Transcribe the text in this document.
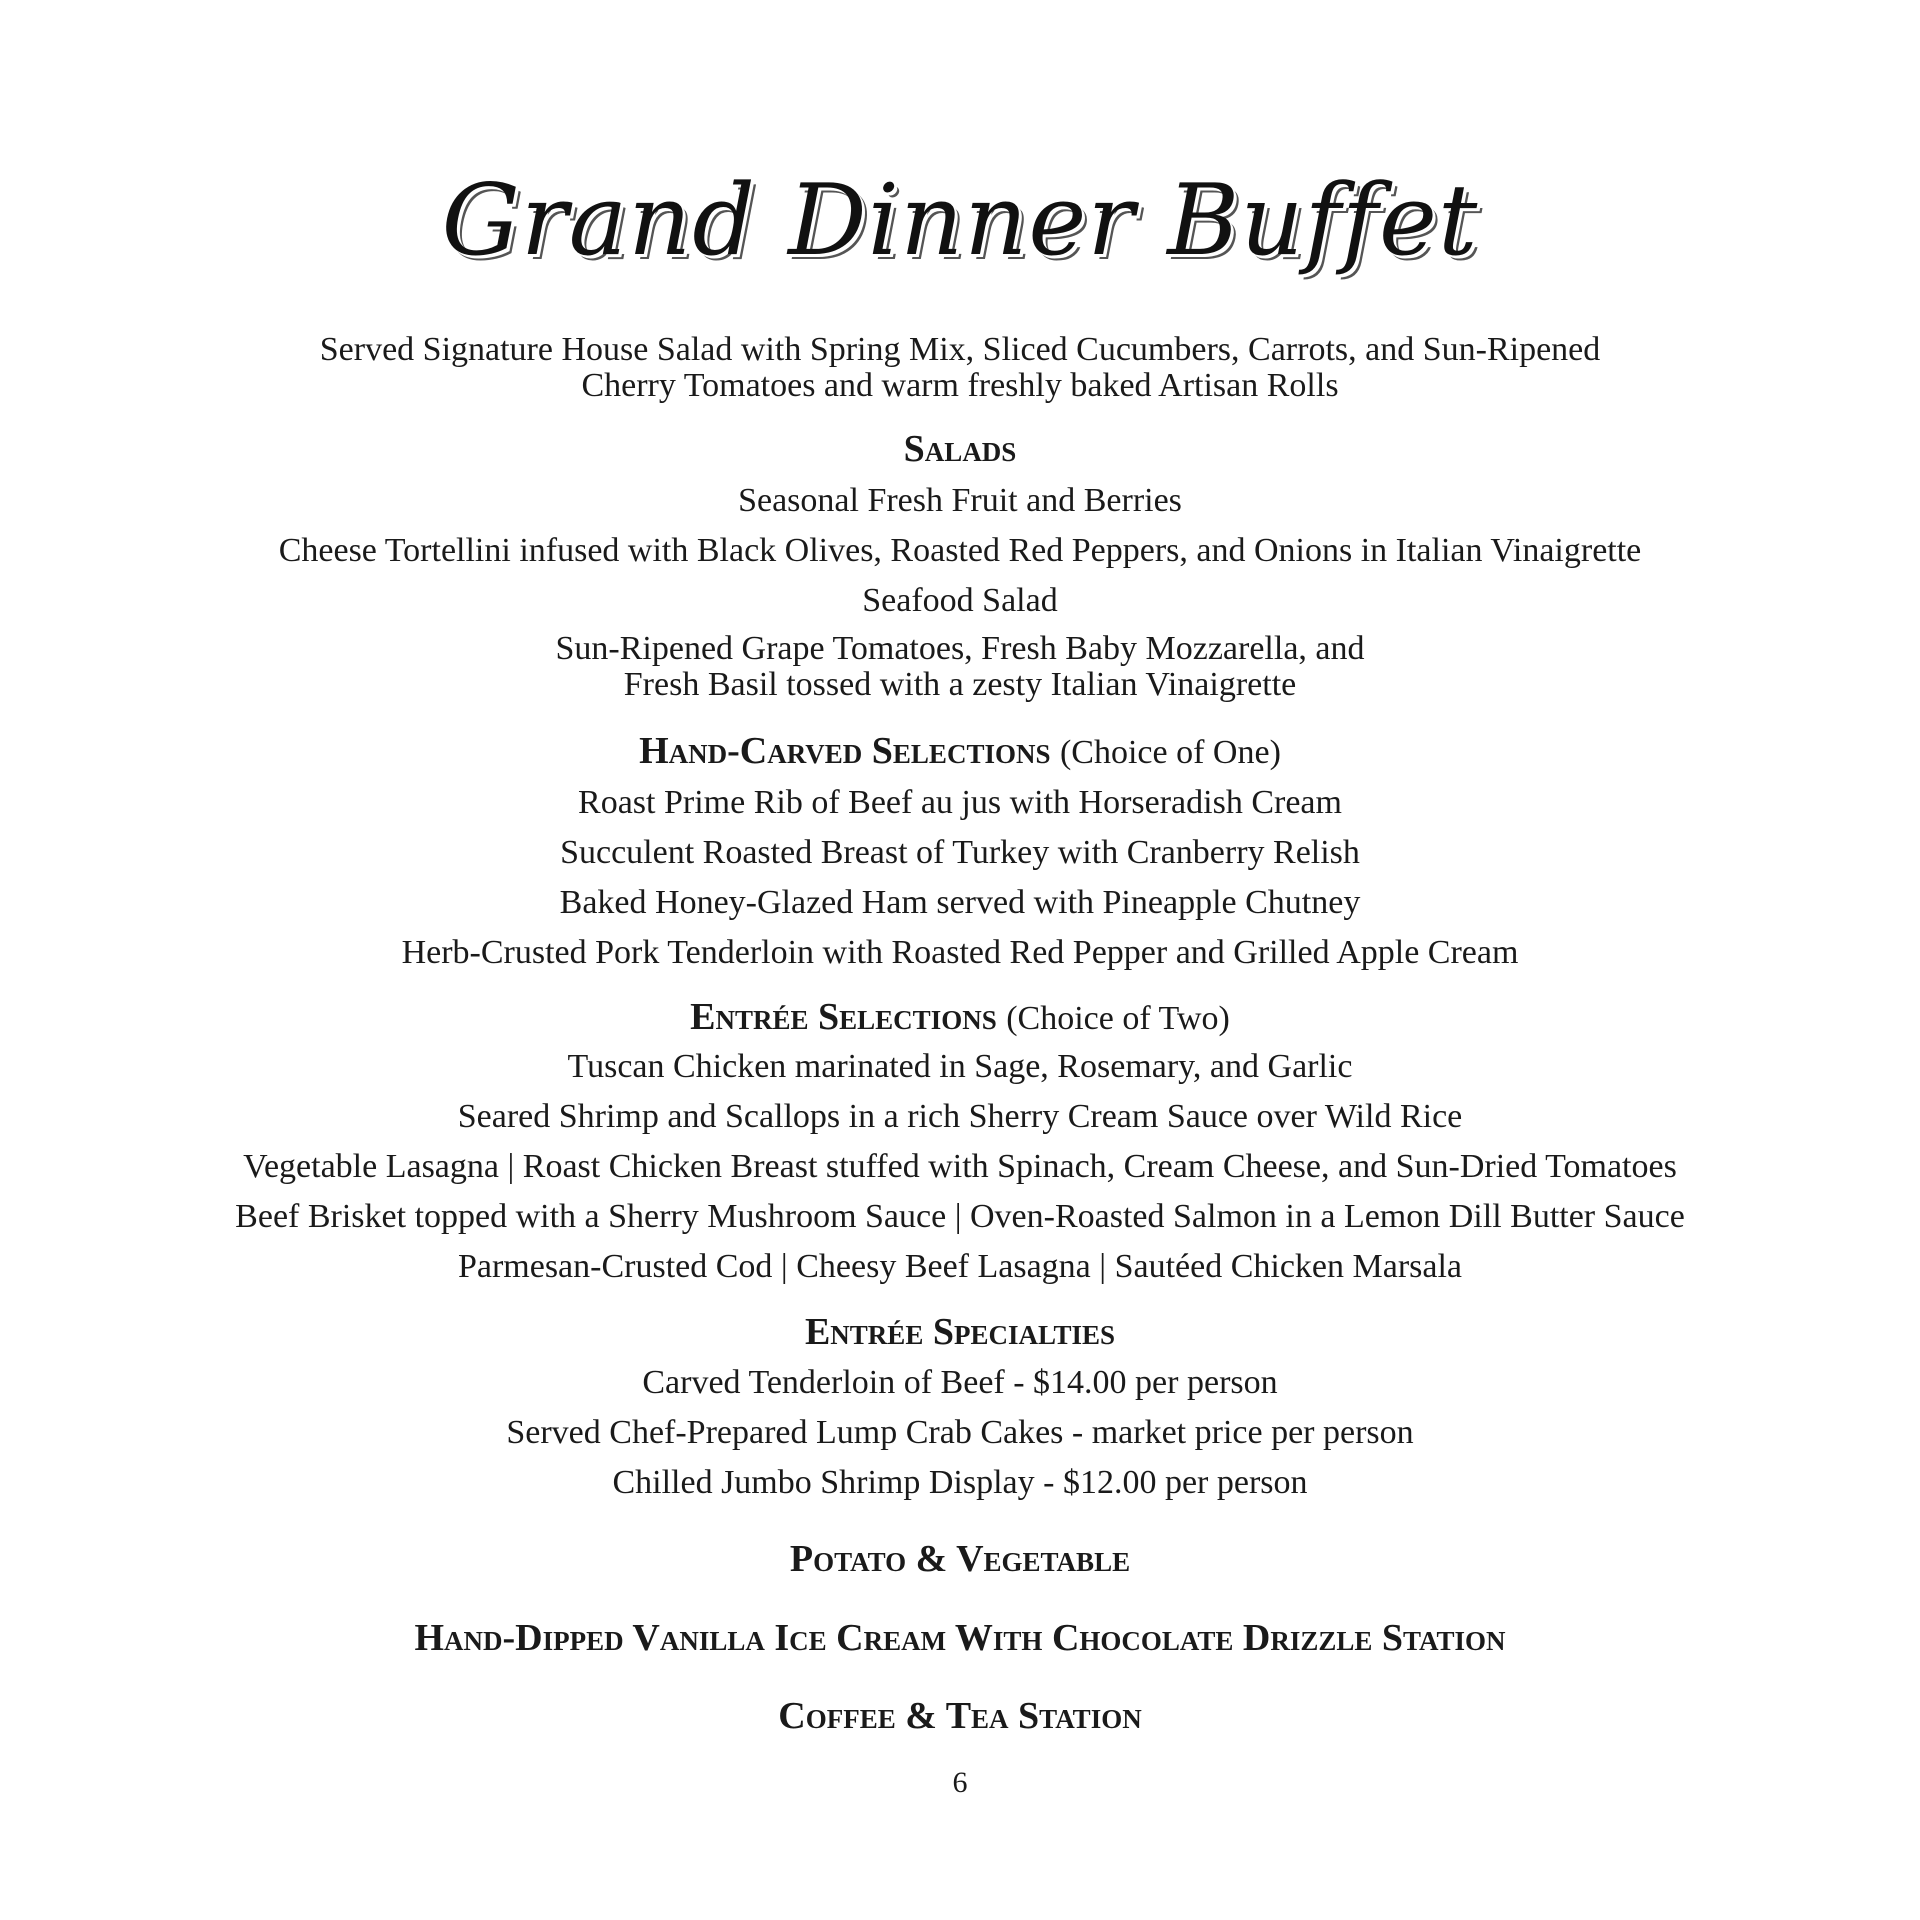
Grand Dinner Buffet
Served Signature House Salad with Spring Mix, Sliced Cucumbers, Carrots, and Sun-Ripened
Cherry Tomatoes and warm freshly baked Artisan Rolls
Salads
Seasonal Fresh Fruit and Berries
Cheese Tortellini infused with Black Olives, Roasted Red Peppers, and Onions in Italian Vinaigrette
Seafood Salad
Sun-Ripened Grape Tomatoes, Fresh Baby Mozzarella, and
Fresh Basil tossed with a zesty Italian Vinaigrette
Hand-Carved Selections (Choice of One)
Roast Prime Rib of Beef au jus with Horseradish Cream
Succulent Roasted Breast of Turkey with Cranberry Relish
Baked Honey-Glazed Ham served with Pineapple Chutney
Herb-Crusted Pork Tenderloin with Roasted Red Pepper and Grilled Apple Cream
Entrée Selections (Choice of Two)
Tuscan Chicken marinated in Sage, Rosemary, and Garlic
Seared Shrimp and Scallops in a rich Sherry Cream Sauce over Wild Rice
Vegetable Lasagna | Roast Chicken Breast stuffed with Spinach, Cream Cheese, and Sun-Dried Tomatoes
Beef Brisket topped with a Sherry Mushroom Sauce | Oven-Roasted Salmon in a Lemon Dill Butter Sauce
Parmesan-Crusted Cod | Cheesy Beef Lasagna | Sautéed Chicken Marsala
Entrée Specialties
Carved Tenderloin of Beef - $14.00 per person
Served Chef-Prepared Lump Crab Cakes - market price per person
Chilled Jumbo Shrimp Display - $12.00 per person
Potato & Vegetable
Hand-Dipped Vanilla Ice Cream With Chocolate Drizzle Station
Coffee & Tea Station
6
